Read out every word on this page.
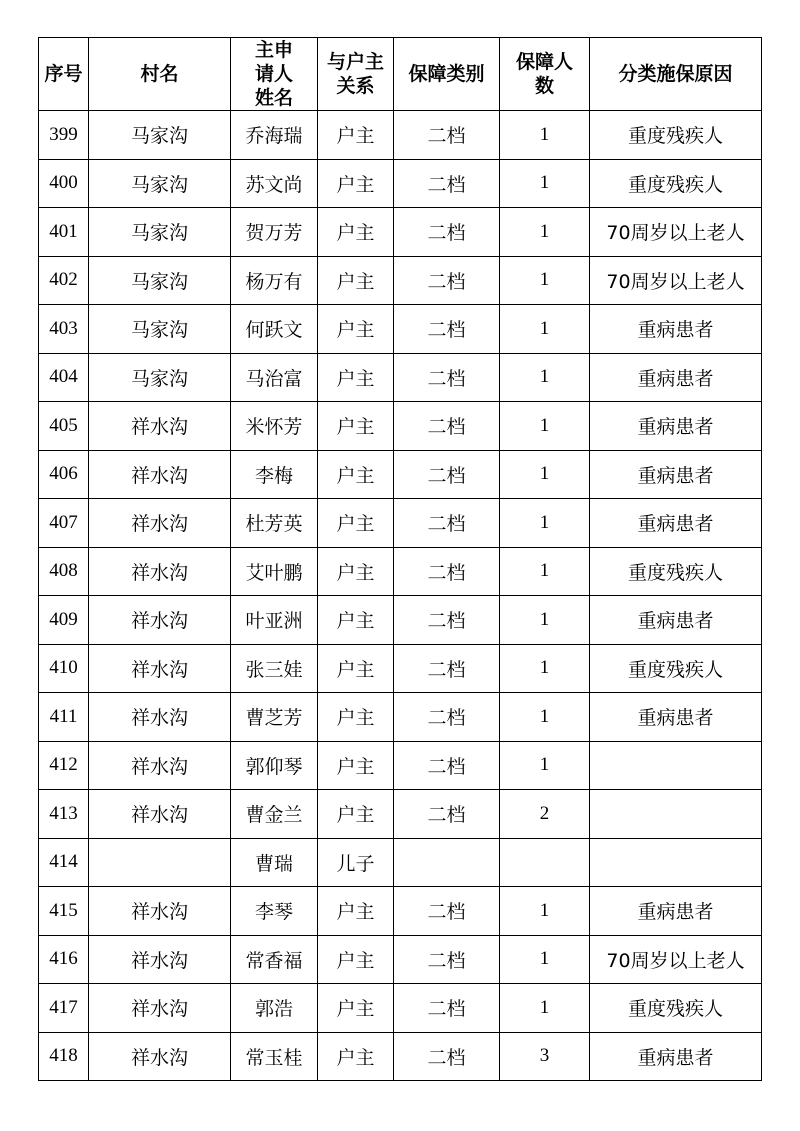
序号	村名	主申请人姓名	与户主关系	保障类别	保障人数	分类施保原因
399	马家沟	乔海瑞	户主	二档	1	重度残疾人
400	马家沟	苏文尚	户主	二档	1	重度残疾人
401	马家沟	贺万芳	户主	二档	1	70周岁以上老人
402	马家沟	杨万有	户主	二档	1	70周岁以上老人
403	马家沟	何跃文	户主	二档	1	重病患者
404	马家沟	马治富	户主	二档	1	重病患者
405	祥水沟	米怀芳	户主	二档	1	重病患者
406	祥水沟	李梅	户主	二档	1	重病患者
407	祥水沟	杜芳英	户主	二档	1	重病患者
408	祥水沟	艾叶鹏	户主	二档	1	重度残疾人
409	祥水沟	叶亚洲	户主	二档	1	重病患者
410	祥水沟	张三娃	户主	二档	1	重度残疾人
411	祥水沟	曹芝芳	户主	二档	1	重病患者
412	祥水沟	郭仰琴	户主	二档	1	
413	祥水沟	曹金兰	户主	二档	2	
414		曹瑞	儿子			
415	祥水沟	李琴	户主	二档	1	重病患者
416	祥水沟	常香福	户主	二档	1	70周岁以上老人
417	祥水沟	郭浩	户主	二档	1	重度残疾人
418	祥水沟	常玉桂	户主	二档	3	重病患者
